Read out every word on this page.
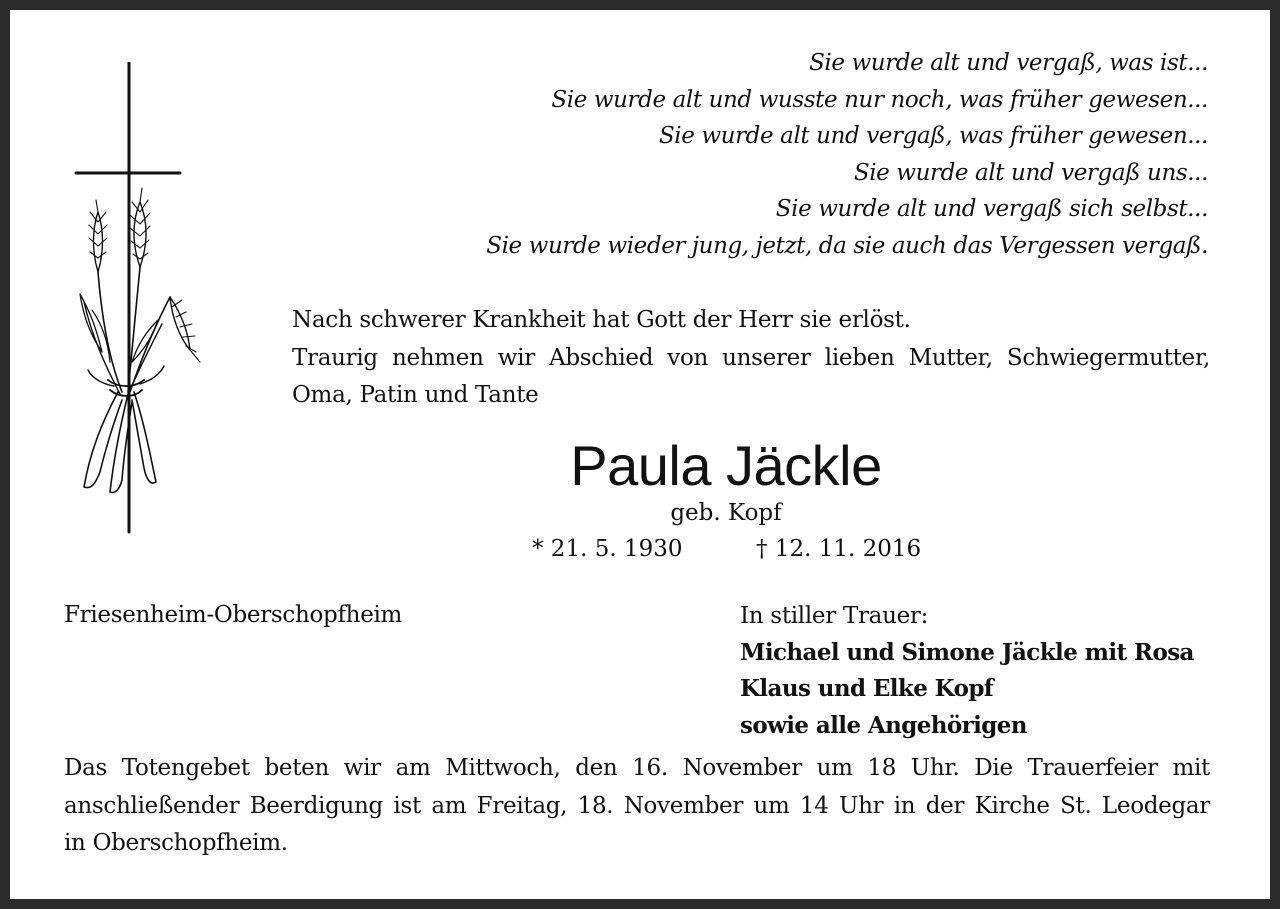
Sie wurde alt und vergaß, was ist...
Sie wurde alt und wusste nur noch, was früher gewesen...
Sie wurde alt und vergaß, was früher gewesen...
Sie wurde alt und vergaß uns...
Sie wurde alt und vergaß sich selbst...
Sie wurde wieder jung, jetzt, da sie auch das Vergessen vergaß.
Nach schwerer Krankheit hat Gott der Herr sie erlöst.
Traurig nehmen wir Abschied von unserer lieben Mutter, Schwiegermutter,
Oma, Patin und Tante
Paula Jäckle
geb. Kopf
* 21. 5. 1930	† 12. 11. 2016
Friesenheim-Oberschopfheim	In stiller Trauer:
Michael und Simone Jäckle mit Rosa
Klaus und Elke Kopf
sowie alle Angehörigen
Das Totengebet beten wir am Mittwoch, den 16. November um 18 Uhr. Die Trauerfeier mit
anschließender Beerdigung ist am Freitag, 18. November um 14 Uhr in der Kirche St. Leodegar
in Oberschopfheim.
